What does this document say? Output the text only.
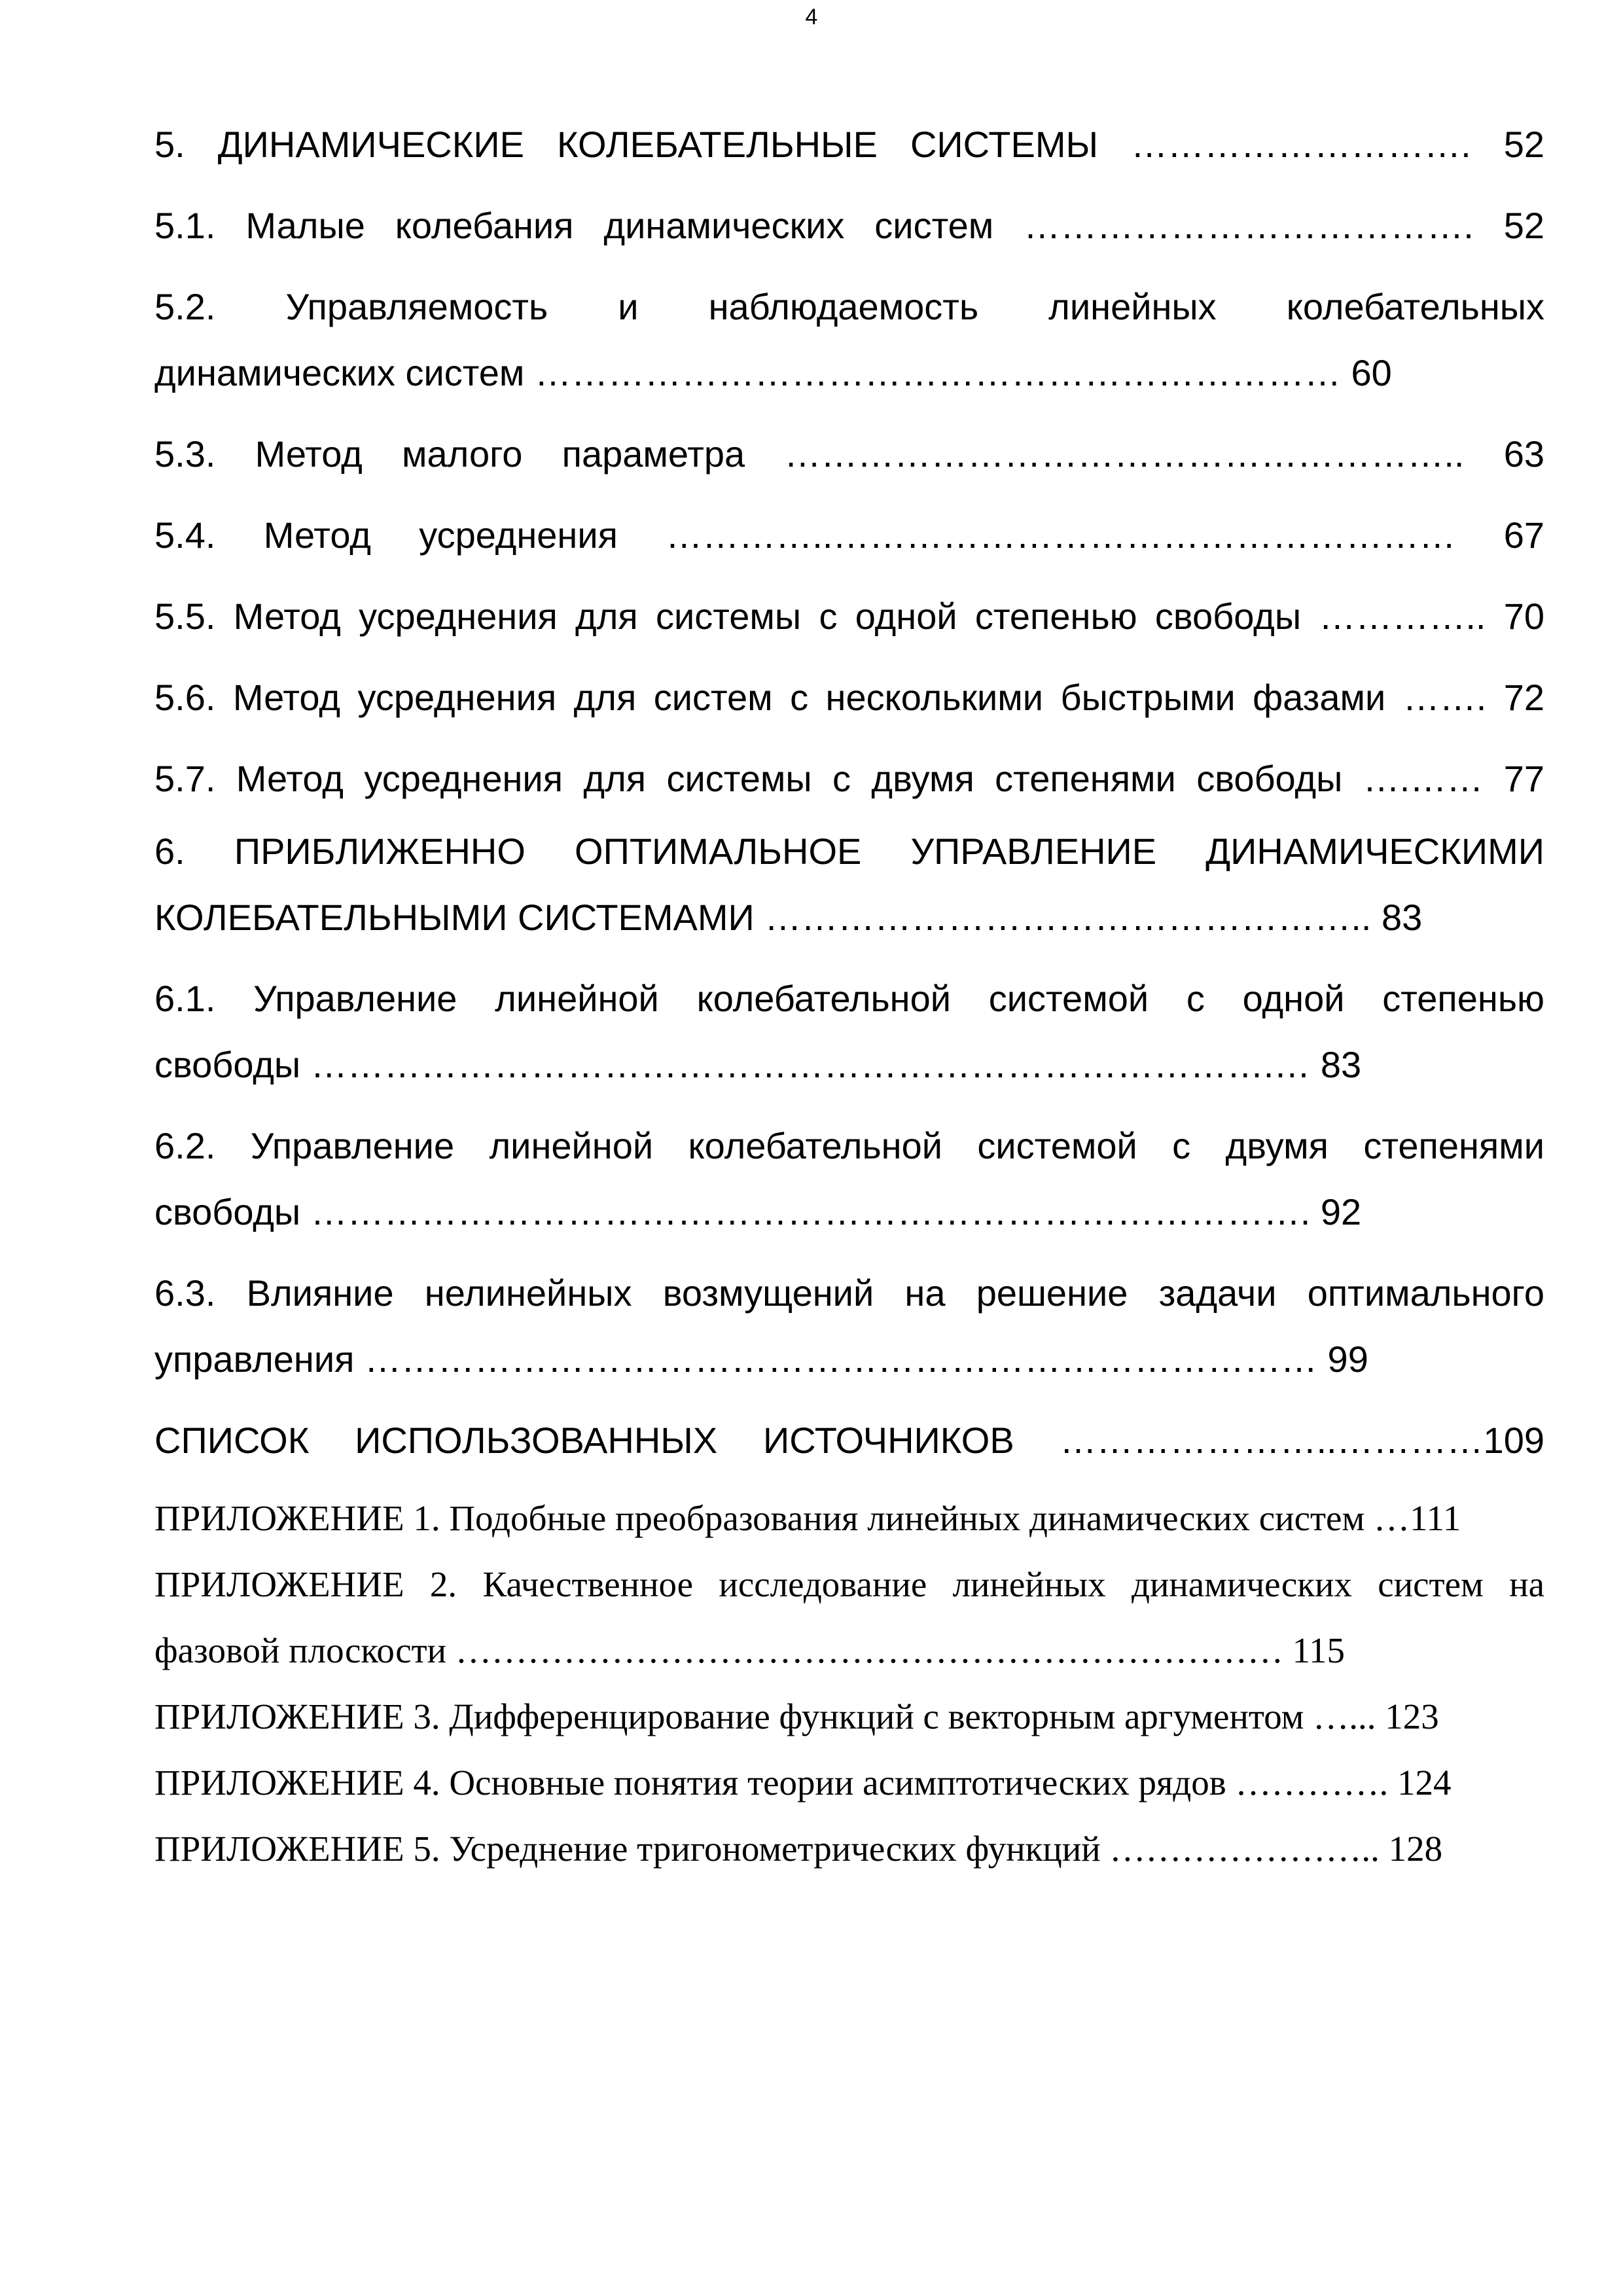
4
5. ДИНАМИЧЕСКИЕ КОЛЕБАТЕЛЬНЫЕ СИСТЕМЫ ………………………. 52
5.1. Малые колебания динамических систем ………………………………. 52
5.2. Управляемость и наблюдаемость линейных колебательных
динамических систем ………………………………………………………… 60
5.3. Метод малого параметра ……………………………………………….. 63
5.4. Метод усреднения …………..…………………………………………… 67
5.5. Метод усреднения для системы с одной степенью свободы ………….. 70
5.6. Метод усреднения для систем с несколькими быстрыми фазами ……. 72
5.7. Метод усреднения для системы с двумя степенями свободы ….…… 77
6. ПРИБЛИЖЕННО ОПТИМАЛЬНОЕ УПРАВЛЕНИЕ ДИНАМИЧЕСКИМИ
КОЛЕБАТЕЛЬНЫМИ СИСТЕМАМИ ………………………………………….. 83
6.1. Управление линейной колебательной системой с одной степенью
свободы …………………………………………………………………….… 83
6.2. Управление линейной колебательной системой с двумя степенями
свободы ………………………………………………………………………. 92
6.3. Влияние нелинейных возмущений на решение задачи оптимального
управления …………………………………………………………………… 99
СПИСОК ИСПОЛЬЗОВАННЫХ ИСТОЧНИКОВ …………………..…………109
ПРИЛОЖЕНИЕ 1. Подобные преобразования линейных динамических систем …111
ПРИЛОЖЕНИЕ 2. Качественное исследование линейных динамических систем на
фазовой плоскости …………………………………………………………… 115
ПРИЛОЖЕНИЕ 3. Дифференцирование функций с векторным аргументом …... 123
ПРИЛОЖЕНИЕ 4. Основные понятия теории асимптотических рядов …………. 124
ПРИЛОЖЕНИЕ 5. Усреднение тригонометрических функций ………………….. 128
